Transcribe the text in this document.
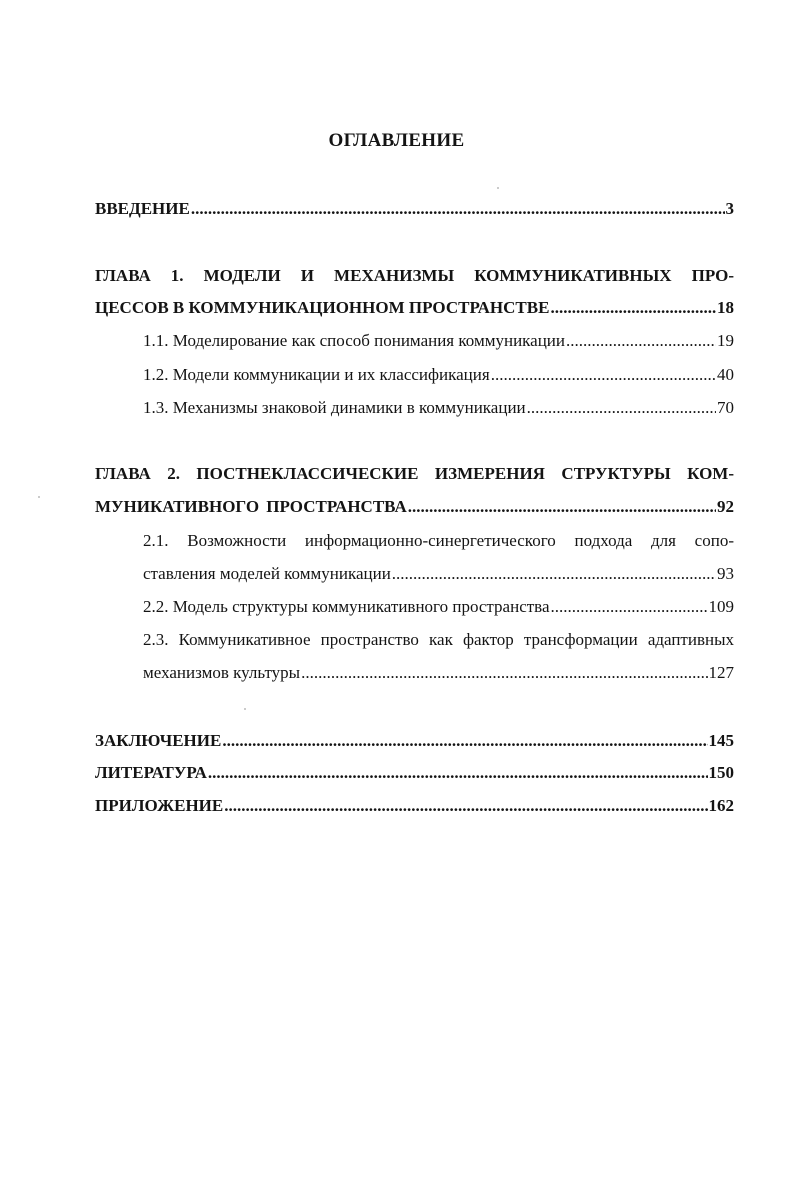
ОГЛАВЛЕНИЕ
ВВЕДЕНИЕ .....	3
ГЛАВА 1. МОДЕЛИ И МЕХАНИЗМЫ КОММУНИКАТИВНЫХ ПРО-
ЦЕССОВ В КОММУНИКАЦИОННОМ ПРОСТРАНСТВЕ .....	18
1.1. Моделирование как способ понимания коммуникации .....	19
1.2. Модели коммуникации и их классификация .....	40
1.3. Механизмы знаковой динамики в коммуникации .....	70
ГЛАВА 2. ПОСТНЕКЛАССИЧЕСКИЕ ИЗМЕРЕНИЯ СТРУКТУРЫ КОМ-
МУНИКАТИВНОГО ПРОСТРАНСТВА .....	92
2.1. Возможности информационно-синергетического подхода для сопо-
ставления моделей коммуникации .....	93
2.2. Модель структуры коммуникативного пространства .....	109
2.3. Коммуникативное пространство как фактор трансформации адаптивных
механизмов культуры .....	127
ЗАКЛЮЧЕНИЕ .....	145
ЛИТЕРАТУРА .....	150
ПРИЛОЖЕНИЕ .....	162
